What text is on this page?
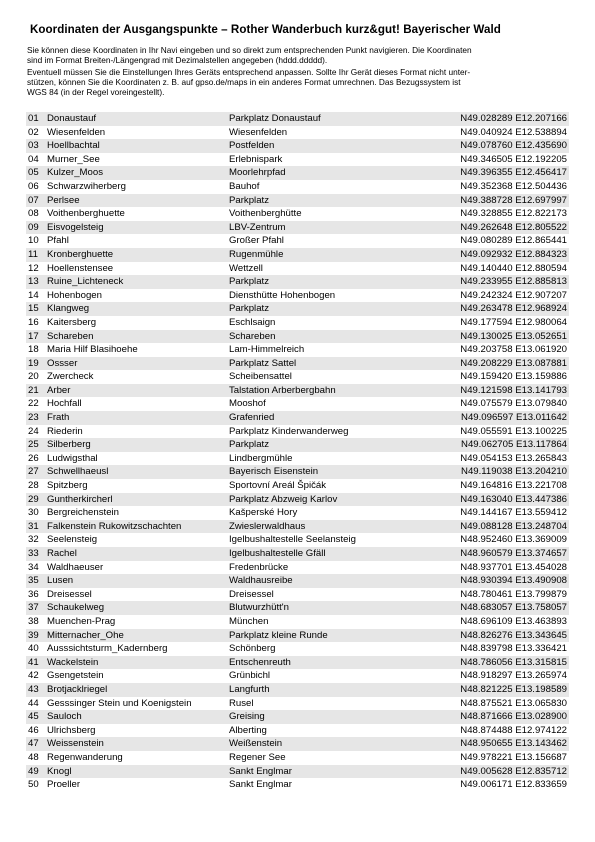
Koordinaten der Ausgangspunkte – Rother Wanderbuch kurz&gut! Bayerischer Wald
Sie können diese Koordinaten in Ihr Navi eingeben und so direkt zum entsprechenden Punkt navigieren. Die Koordinaten
sind im Format Breiten-/Längengrad mit Dezimalstellen angegeben (hddd.ddddd).
Eventuell müssen Sie die Einstellungen Ihres Geräts entsprechend anpassen. Sollte Ihr Gerät dieses Format nicht unter-
stützen, können Sie die Koordinaten z. B. auf gpso.de/maps in ein anderes Format umrechnen. Das Bezugssystem ist
WGS 84 (in der Regel voreingestellt).
01 Donaustauf	Parkplatz Donaustauf	N49.028289 E12.207166
02 Wiesenfelden	Wiesenfelden	N49.040924 E12.538894
03 Hoellbachtal	Postfelden	N49.078760 E12.435690
04 Murner_See	Erlebnispark	N49.346505 E12.192205
05 Kulzer_Moos	Moorlehrpfad	N49.396355 E12.456417
06 Schwarzwiherberg	Bauhof	N49.352368 E12.504436
07 Perlsee	Parkplatz	N49.388728 E12.697997
08 Voithenberghuette	Voithenberghütte	N49.328855 E12.822173
09 Eisvogelsteig	LBV-Zentrum	N49.262648 E12.805522
10 Pfahl	Großer Pfahl	N49.080289 E12.865441
11 Kronberghuette	Rugenmühle	N49.092932 E12.884323
12 Hoellenstensee	Wettzell	N49.140440 E12.880594
13 Ruine_Lichteneck	Parkplatz	N49.233955 E12.885813
14 Hohenbogen	Diensthütte Hohenbogen	N49.242324 E12.907207
15 Klangweg	Parkplatz	N49.263478 E12.968924
16 Kaitersberg	Eschlsaign	N49.177594 E12.980064
17 Schareben	Schareben	N49.130025 E13.052651
18 Maria Hilf Blasihoehe	Lam-Himmelreich	N49.203758 E13.061920
19 Ossser	Parkplatz Sattel	N49.208229 E13.087881
20 Zwercheck	Scheibensattel	N49.159420 E13.159886
21 Arber	Talstation Arberbergbahn	N49.121598 E13.141793
22 Hochfall	Mooshof	N49.075579 E13.079840
23 Frath	Grafenried	N49.096597 E13.011642
24 Riederin	Parkplatz Kinderwanderweg	N49.055591 E13.100225
25 Silberberg	Parkplatz	N49.062705 E13.117864
26 Ludwigsthal	Lindbergmühle	N49.054153 E13.265843
27 Schwellhaeusl	Bayerisch Eisenstein	N49.119038 E13.204210
28 Spitzberg	Sportovní Areál Špičák	N49.164816 E13.221708
29 Guntherkircherl	Parkplatz Abzweig Karlov	N49.163040 E13.447386
30 Bergreichenstein	Kašperské Hory	N49.144167 E13.559412
31 Falkenstein Rukowitzschachten	Zwieslerwaldhaus	N49.088128 E13.248704
32 Seelensteig	Igelbushaltestelle Seelansteig	N48.952460 E13.369009
33 Rachel	Igelbushaltestelle Gfäll	N48.960579 E13.374657
34 Waldhaeuser	Fredenbrücke	N48.937701 E13.454028
35 Lusen	Waldhausreibe	N48.930394 E13.490908
36 Dreisessel	Dreisessel	N48.780461 E13.799879
37 Schaukelweg	Blutwurzhütt'n	N48.683057 E13.758057
38 Muenchen-Prag	München	N48.696109 E13.463893
39 Mitternacher_Ohe	Parkplatz kleine Runde	N48.826276 E13.343645
40 Ausssichtsturm_Kadernberg	Schönberg	N48.839798 E13.336421
41 Wackelstein	Entschenreuth	N48.786056 E13.315815
42 Gsengetstein	Grünbichl	N48.918297 E13.265974
43 Brotjacklriegel	Langfurth	N48.821225 E13.198589
44 Gesssinger Stein und Koenigstein	Rusel	N48.875521 E13.065830
45 Sauloch	Greising	N48.871666 E13.028900
46 Ulrichsberg	Alberting	N48.874488 E12.974122
47 Weissenstein	Weißenstein	N48.950655 E13.143462
48 Regenwanderung	Regener See	N49.978221 E13.156687
49 Knogl	Sankt Englmar	N49.005628 E12.835712
50 Proeller	Sankt Englmar	N49.006171 E12.833659
